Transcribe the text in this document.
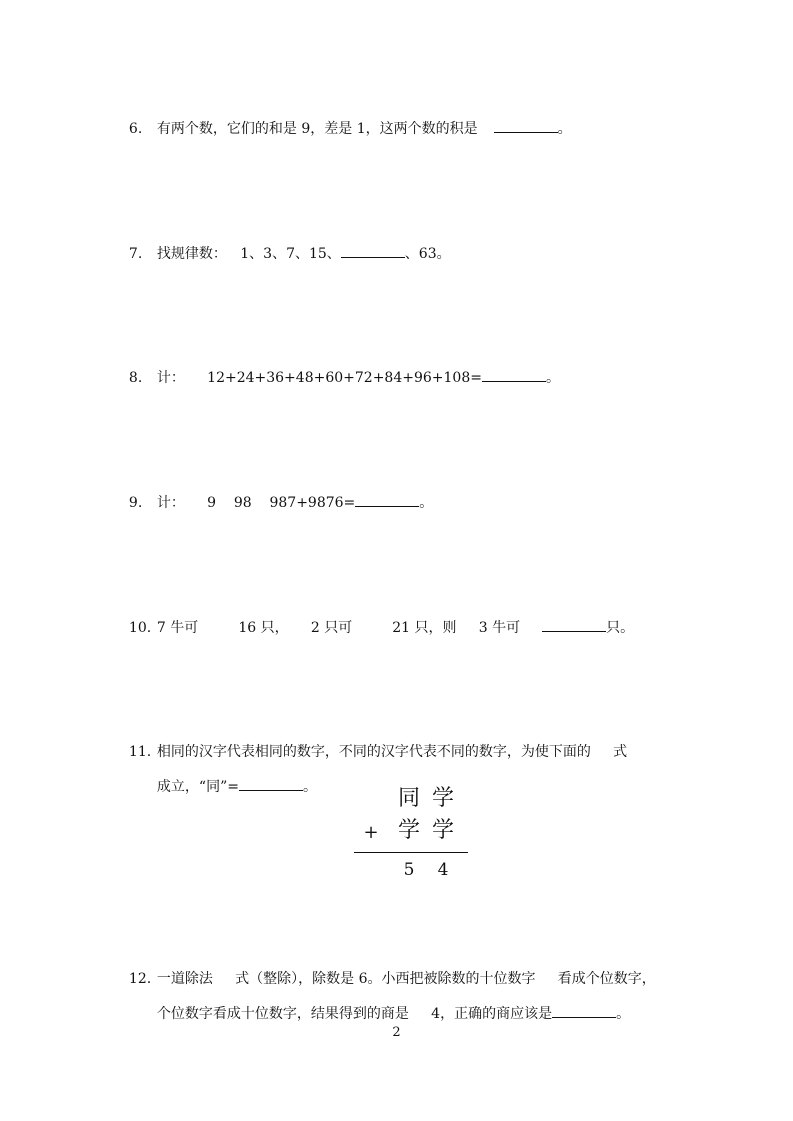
6. 有两个数，它们的和是 9，差是 1，这两个数的积是	。

7. 找规律数：   1、3、7、15、	、63。

8. 计：     12+24+36+48+60+72+84+96+108=	。

9. 计：     9    98    987+9876=	。

10. 7 牛可         16 只，     2 只可         21 只，则     3 牛可	只。

11. 相同的汉字代表相同的数字，不同的汉字代表不同的数字，为使下面的     式

成立，“同”=	。	同 学
+ 学 学
5	4

12. 一道除法     式（整除），除数是 6。小西把被除数的十位数字     看成个位数字，

个位数字看成十位数字，结果得到的商是     4，正确的商应该是	。

2
